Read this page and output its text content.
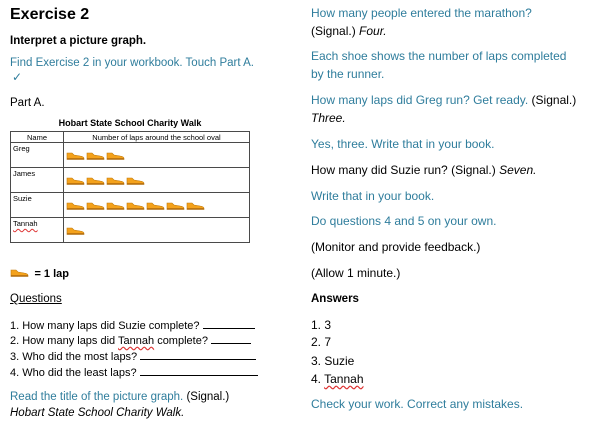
Exercise 2
Interpret a picture graph.
Find Exercise 2 in your workbook. Touch Part A.
✓
Part A.
Hobart State School Charity Walk
Name	Number of laps around the school oval
Greg	

James	

Suzie	

Tannah	
= 1 lap
Questions
1. How many laps did Suzie complete?
2. How many laps did Tannah complete?
3. Who did the most laps?
4. Who did the least laps?
Read the title of the picture graph. (Signal.)
Hobart State School Charity Walk.
How many people entered the marathon?
(Signal.) Four.
Each shoe shows the number of laps completed
by the runner.
How many laps did Greg run? Get ready. (Signal.)
Three.
Yes, three. Write that in your book.
How many did Suzie run? (Signal.) Seven.
Write that in your book.
Do questions 4 and 5 on your own.
(Monitor and provide feedback.)
(Allow 1 minute.)
Answers
1. 3
2. 7
3. Suzie
4. Tannah
Check your work. Correct any mistakes.
